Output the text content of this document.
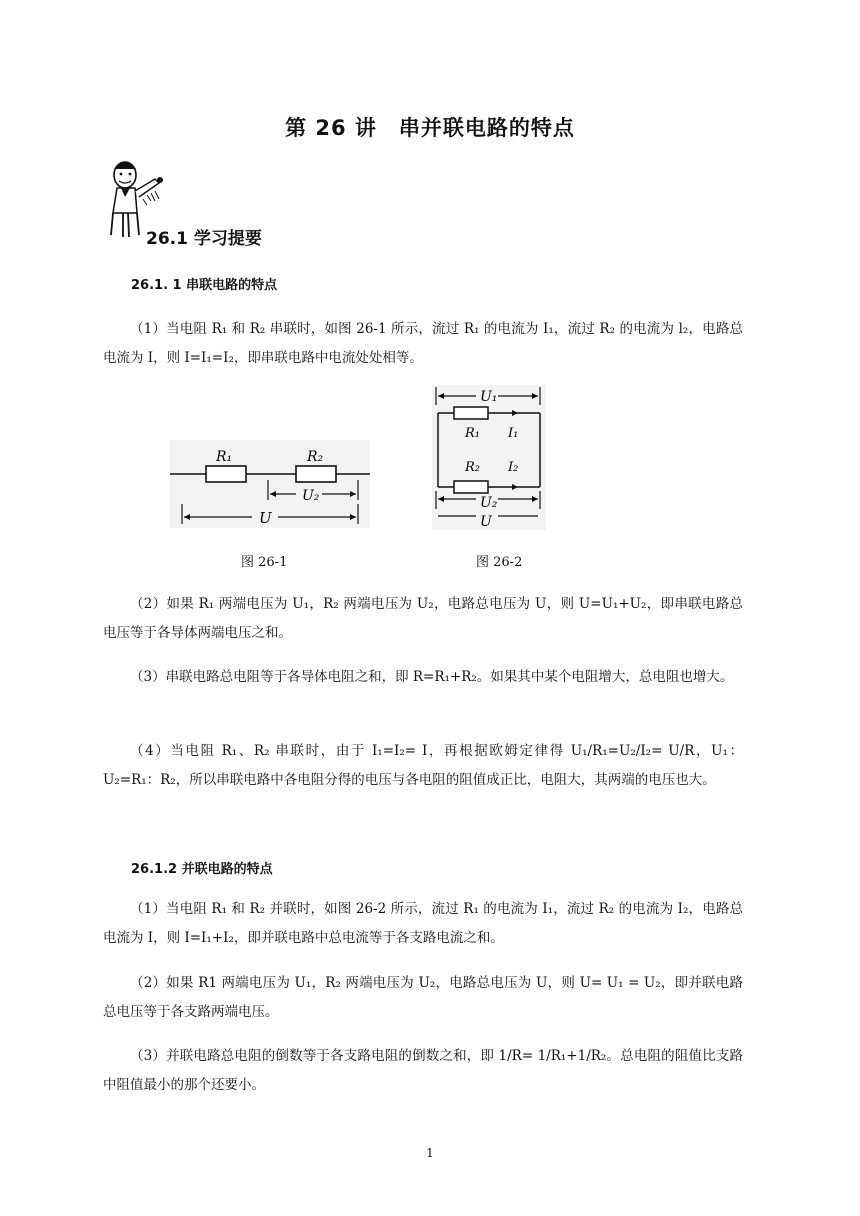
第 26 讲　串并联电路的特点
26.1 学习提要
26.1. 1 串联电路的特点

（1）当电阻 R₁ 和 R₂ 串联时，如图 26-1 所示，流过 R₁ 的电流为 I₁，流过 R₂ 的电流为 l₂，电路总电流为 I，则 I=I₁=I₂，即串联电路中电流处处相等。

R₁	R₂
U₂
U
U₁
R₁ I₁
R₂ I₂
U₂
U
图 26-1	图 26-2

（2）如果 R₁ 两端电压为 U₁，R₂ 两端电压为 U₂，电路总电压为 U，则 U=U₁+U₂，即串联电路总电压等于各导体两端电压之和。

（3）串联电路总电阻等于各导体电阻之和，即 R=R₁+R₂。如果其中某个电阻增大，总电阻也增大。

（4）当电阻 R₁、R₂ 串联时，由于 I₁=I₂= I，再根据欧姆定律得 U₁/R₁=U₂/I₂= U/R，U₁：U₂=R₁：R₂，所以串联电路中各电阻分得的电压与各电阻的阻值成正比，电阻大，其两端的电压也大。

26.1.2 并联电路的特点

（1）当电阻 R₁ 和 R₂ 并联时，如图 26-2 所示，流过 R₁ 的电流为 I₁，流过 R₂ 的电流为 I₂，电路总电流为 I，则 I=I₁+I₂，即并联电路中总电流等于各支路电流之和。

（2）如果 R1 两端电压为 U₁，R₂ 两端电压为 U₂，电路总电压为 U，则 U= U₁ = U₂，即并联电路总电压等于各支路两端电压。

（3）并联电路总电阻的倒数等于各支路电阻的倒数之和，即 1/R= 1/R₁+1/R₂。总电阻的阻值比支路中阻值最小的那个还要小。

1
